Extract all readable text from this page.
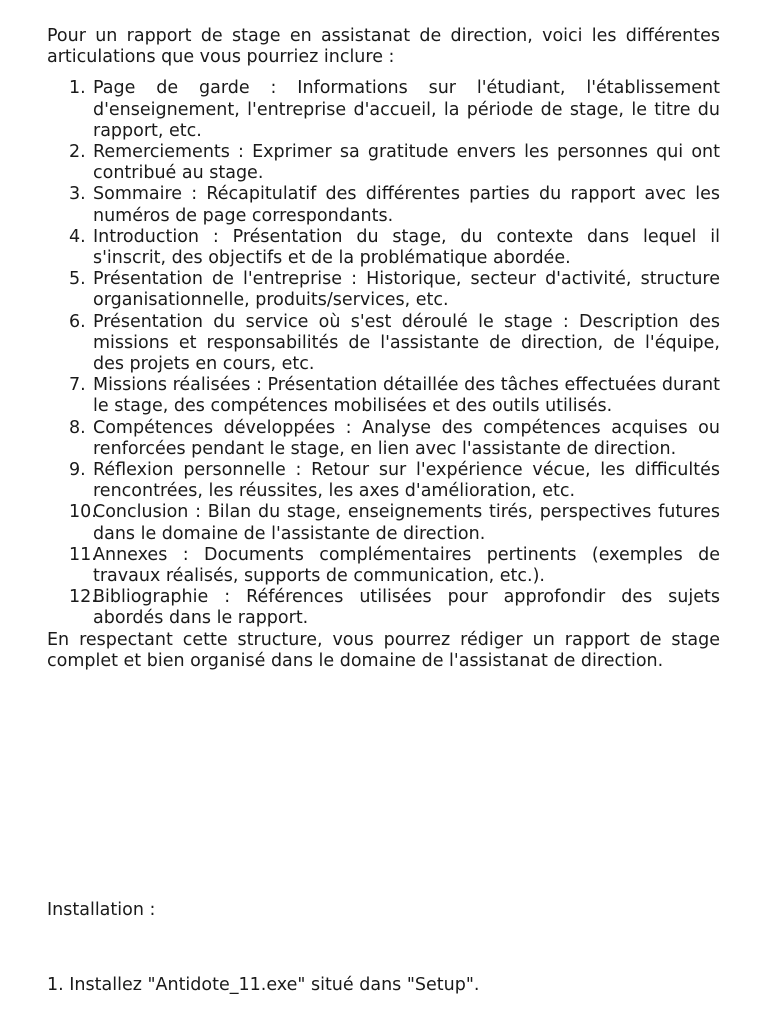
Pour un rapport de stage en assistanat de direction, voici les différentes articulations que vous pourriez inclure :

1. Page de garde : Informations sur l'étudiant, l'établissement d'enseignement, l'entreprise d'accueil, la période de stage, le titre du rapport, etc.
2. Remerciements : Exprimer sa gratitude envers les personnes qui ont contribué au stage.
3. Sommaire : Récapitulatif des différentes parties du rapport avec les numéros de page correspondants.
4. Introduction : Présentation du stage, du contexte dans lequel il s'inscrit, des objectifs et de la problématique abordée.
5. Présentation de l'entreprise : Historique, secteur d'activité, structure organisationnelle, produits/services, etc.
6. Présentation du service où s'est déroulé le stage : Description des missions et responsabilités de l'assistante de direction, de l'équipe, des projets en cours, etc.
7. Missions réalisées : Présentation détaillée des tâches effectuées durant le stage, des compétences mobilisées et des outils utilisés.
8. Compétences développées : Analyse des compétences acquises ou renforcées pendant le stage, en lien avec l'assistante de direction.
9. Réflexion personnelle : Retour sur l'expérience vécue, les difficultés rencontrées, les réussites, les axes d'amélioration, etc.
10.
Conclusion : Bilan du stage, enseignements tirés, perspectives futures dans le domaine de l'assistante de direction.
11.
Annexes : Documents complémentaires pertinents (exemples de travaux réalisés, supports de communication, etc.).
12.
Bibliographie : Références utilisées pour approfondir des sujets abordés dans le rapport.

En respectant cette structure, vous pourrez rédiger un rapport de stage complet et bien organisé dans le domaine de l'assistanat de direction.

Installation :

1. Installez "Antidote_11.exe" situé dans "Setup".
